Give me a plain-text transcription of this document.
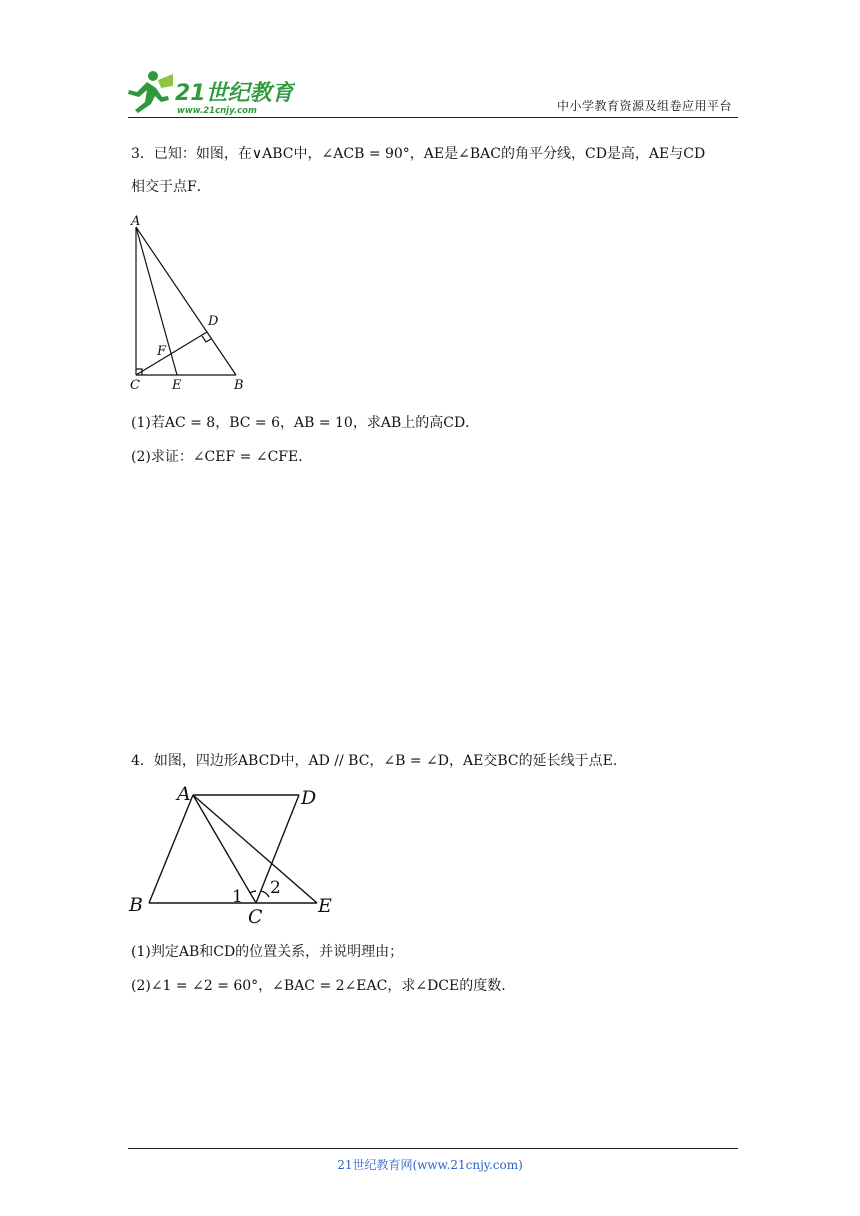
21世纪教育
www.21cnjy.com	中小学教育资源及组卷应用平台
3．已知：如图，在∨ABC中，∠ACB = 90°，AE是∠BAC的角平分线，CD是高，AE与CD
相交于点F．
A
B
C
D
E
F
(1)若AC = 8，BC = 6，AB = 10，求AB上的高CD．
(2)求证：∠CEF = ∠CFE．
4．如图，四边形ABCD中，AD // BC，∠B = ∠D，AE交BC的延长线于点E.
A	D
B
C	E
1 2
(1)判定AB和CD的位置关系，并说明理由；
(2)∠1 = ∠2 = 60°，∠BAC = 2∠EAC，求∠DCE的度数.
21世纪教育网(www.21cnjy.com)
